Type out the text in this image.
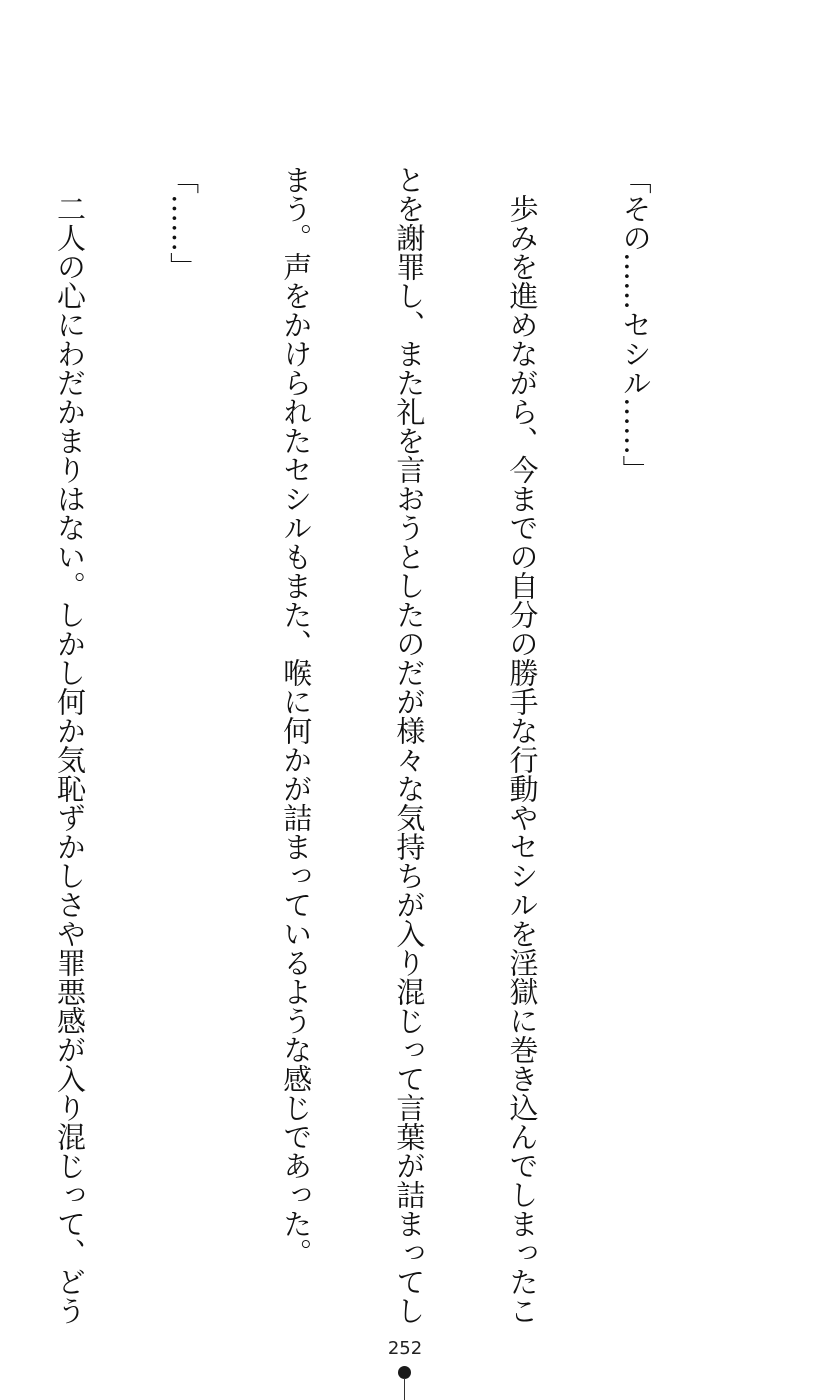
「その……セシル……」

　歩みを進めながら、今までの自分の勝手な行動やセシルを淫獄に巻き込んでしまったこ

とを謝罪し、また礼を言おうとしたのだが様々な気持ちが入り混じって言葉が詰まってし

まう。声をかけられたセシルもまた、喉に何かが詰まっているような感じであった。

「……」

　二人の心にわだかまりはない。しかし何か気恥ずかしさや罪悪感が入り混じって、どう

252
